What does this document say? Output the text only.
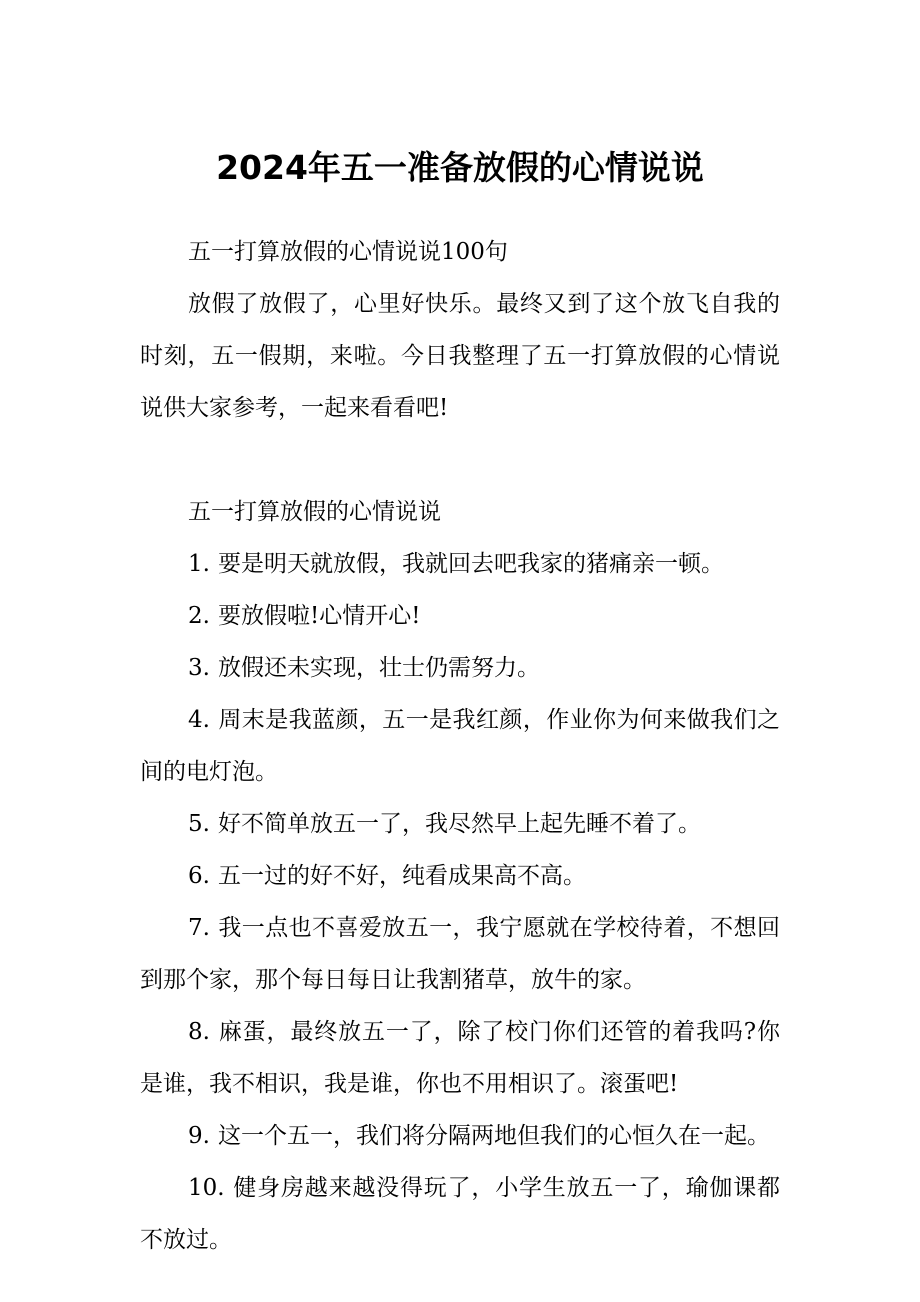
2024年五一准备放假的心情说说

五一打算放假的心情说说100句

放假了放假了，心里好快乐。最终又到了这个放飞自我的时刻，五一假期，来啦。今日我整理了五一打算放假的心情说说供大家参考，一起来看看吧!

五一打算放假的心情说说

1. 要是明天就放假，我就回去吧我家的猪痛亲一顿。

2. 要放假啦!心情开心!

3. 放假还未实现，壮士仍需努力。

4. 周末是我蓝颜，五一是我红颜，作业你为何来做我们之间的电灯泡。

5. 好不简单放五一了，我尽然早上起先睡不着了。

6. 五一过的好不好，纯看成果高不高。

7. 我一点也不喜爱放五一，我宁愿就在学校待着，不想回到那个家，那个每日每日让我割猪草，放牛的家。

8. 麻蛋，最终放五一了，除了校门你们还管的着我吗?你是谁，我不相识，我是谁，你也不用相识了。滚蛋吧!

9. 这一个五一，我们将分隔两地但我们的心恒久在一起。

10. 健身房越来越没得玩了，小学生放五一了，瑜伽课都不放过。
